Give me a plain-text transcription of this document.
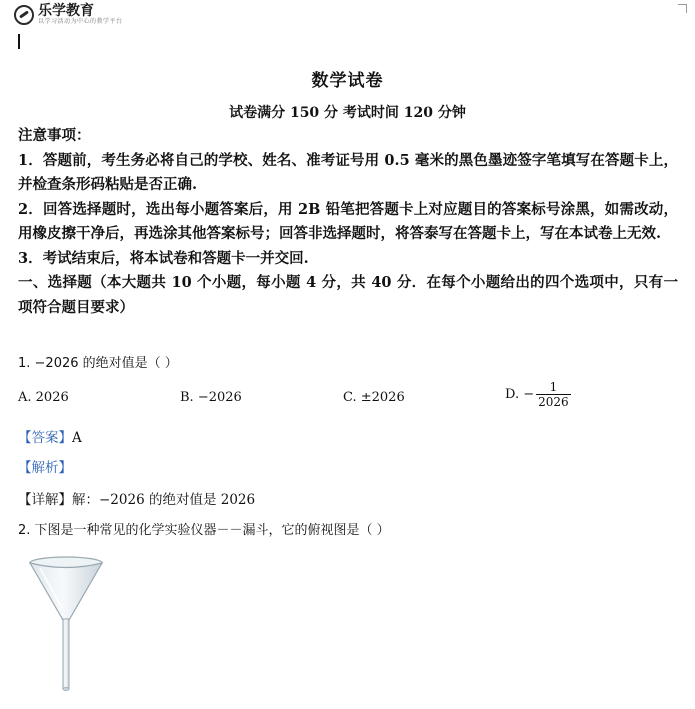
乐学教育
以学习活动为中心的教学平台
数学试卷
试卷满分 150 分 考试时间 120 分钟
注意事项：
1．答题前，考生务必将自己的学校、姓名、准考证号用 0.5 毫米的黑色墨迹签字笔填写在答题卡上，并检查条形码粘贴是否正确.
2．回答选择题时，选出每小题答案后，用 2B 铅笔把答题卡上对应题目的答案标号涂黑，如需改动，用橡皮擦干净后，再选涂其他答案标号；回答非选择题时，将答泰写在答题卡上，写在本试卷上无效.
3．考试结束后，将本试卷和答题卡一并交回.
一、选择题（本大题共 10 个小题，每小题 4 分，共 40 分．在每个小题给出的四个选项中，只有一项符合题目要求）
1. −2026 的绝对值是（ ）
A. 2026	B. −2026	C. ±2026	D. − $\frac{1}{2026}$
【答案】A
【解析】
【详解】解：−2026 的绝对值是 2026
2. 下图是一种常见的化学实验仪器－－漏斗，它的俯视图是（ ）
